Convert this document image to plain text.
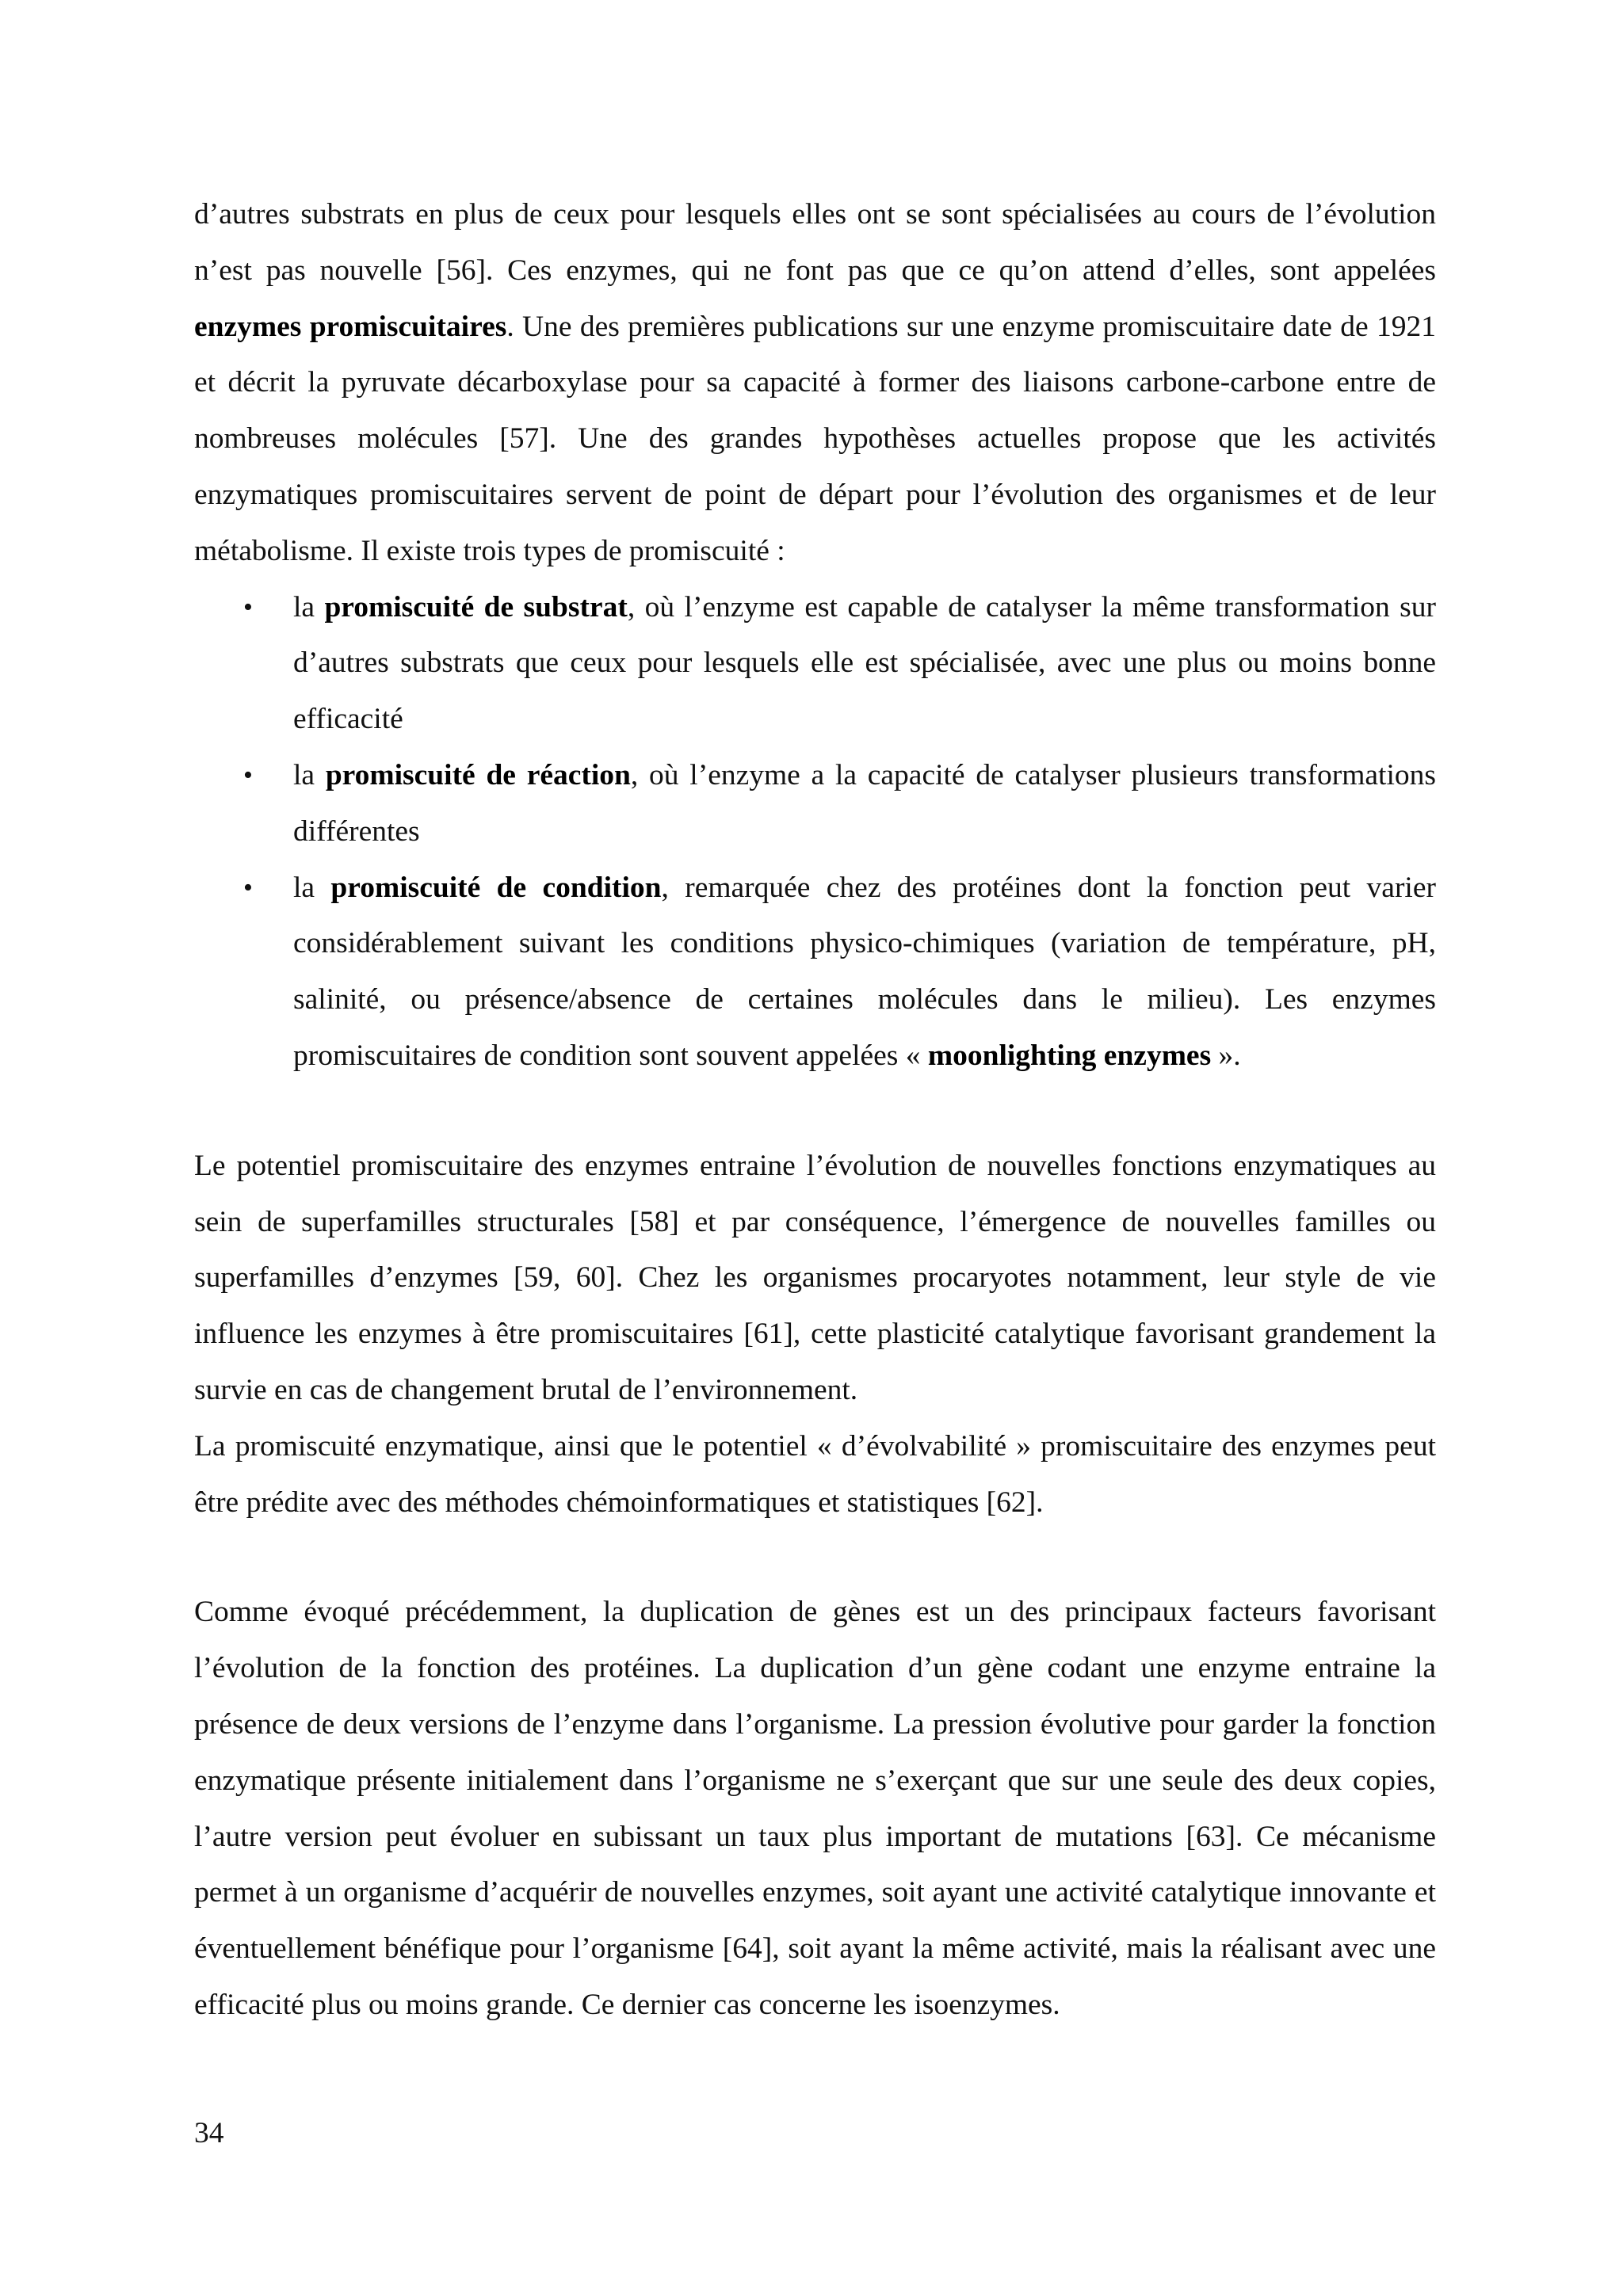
d’autres substrats en plus de ceux pour lesquels elles ont se sont spécialisées au cours de l’évolution n’est pas nouvelle [56]. Ces enzymes, qui ne font pas que ce qu’on attend d’elles, sont appelées enzymes promiscuitaires. Une des premières publications sur une enzyme promiscuitaire date de 1921 et décrit la pyruvate décarboxylase pour sa capacité à former des liaisons carbone-carbone entre de nombreuses molécules [57]. Une des grandes hypothèses actuelles propose que les activités enzymatiques promiscuitaires servent de point de départ pour l’évolution des organismes et de leur métabolisme. Il existe trois types de promiscuité :

• la promiscuité de substrat, où l’enzyme est capable de catalyser la même transformation sur d’autres substrats que ceux pour lesquels elle est spécialisée, avec une plus ou moins bonne efficacité
• la promiscuité de réaction, où l’enzyme a la capacité de catalyser plusieurs transformations différentes
• la promiscuité de condition, remarquée chez des protéines dont la fonction peut varier considérablement suivant les conditions physico-chimiques (variation de température, pH, salinité, ou présence/absence de certaines molécules dans le milieu). Les enzymes promiscuitaires de condition sont souvent appelées « moonlighting enzymes ».

Le potentiel promiscuitaire des enzymes entraine l’évolution de nouvelles fonctions enzymatiques au sein de superfamilles structurales [58] et par conséquence, l’émergence de nouvelles familles ou superfamilles d’enzymes [59, 60]. Chez les organismes procaryotes notamment, leur style de vie influence les enzymes à être promiscuitaires [61], cette plasticité catalytique favorisant grandement la survie en cas de changement brutal de l’environnement.

La promiscuité enzymatique, ainsi que le potentiel « d’évolvabilité » promiscuitaire des enzymes peut être prédite avec des méthodes chémoinformatiques et statistiques [62].

Comme évoqué précédemment, la duplication de gènes est un des principaux facteurs favorisant l’évolution de la fonction des protéines. La duplication d’un gène codant une enzyme entraine la présence de deux versions de l’enzyme dans l’organisme. La pression évolutive pour garder la fonction enzymatique présente initialement dans l’organisme ne s’exerçant que sur une seule des deux copies, l’autre version peut évoluer en subissant un taux plus important de mutations [63]. Ce mécanisme permet à un organisme d’acquérir de nouvelles enzymes, soit ayant une activité catalytique innovante et éventuellement bénéfique pour l’organisme [64], soit ayant la même activité, mais la réalisant avec une efficacité plus ou moins grande. Ce dernier cas concerne les isoenzymes.

34
